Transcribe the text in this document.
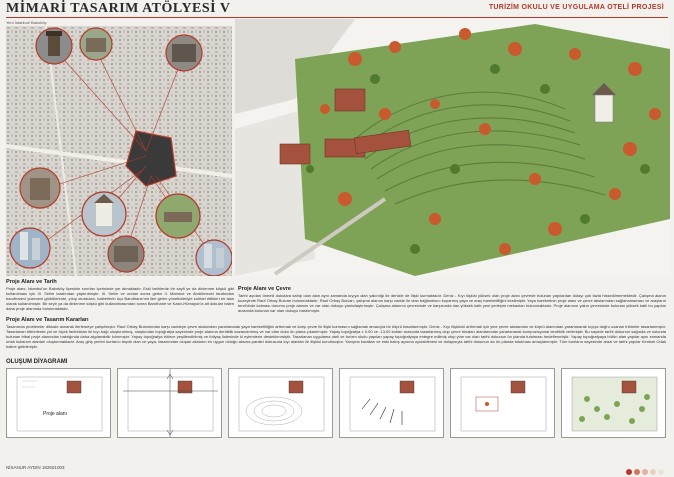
MİMARİ TASARIM ATÖLYESİ V	TURİZİM OKULU VE UYGULAMA OTELİ PROJESİ
Yeni İstanbul/ Bakırköy
Proje Alanı ve Tarih

Proje alanı, İstanbul'un Bakırköy ilçesinin sınırları içerisinde yer almaktadır. Eski tarihlerde bir sayfi ye da dinlenme köşkü gibi kullanılması için III. Selim tarafından yaptırılmıştır. III. Selim ve ondan sonra gelen II. Mahmut ve Abdülmecid tarafından barutharevi yüzeneni gödüllerinde, çıkıp oturduları, katireilerin üço Baruthane'nin ileri gelen yöneticileriyle sohbet ettikleri bir alan olarak kullanılmıştır. Bir seyir ya da dinlenme köşkü gibi kullanılmasından sonra Baruthane ve Kasrı-Hümayun'a ait dokular halen daha proje alanında bulunmaktadır.

Proje Alanı ve Çevre

Tarihi açıdan önemli dokulara sahip olan alan aynı zamanda kıyıya olan yakınlığı ile denizle de ilişki kurmaktadır. Deniz - Kıyı ilişkisi yüksek olan proje alanı çevrede bulunan yapılardan dolayı çok fazla hissedilmemektedir. Çalışma alanın kuzeyinde Rauf Orbay Bulvarı bulunmaktadır. Rauf Orbay Bulvarı, çalışma alanını karşı cadde ile olan bağlantısını koparmış yaya ve araç hareketliliğini kesilmiştir. Yaya hareketinin proje alanı ve çevre akslarından sağlanamaması ve araçların tercihinde kalması durumu proje alanını ve var olan dokuyu yanlızlaştırmıştır. Çalışma alanının çevresinde ve karşısında dan yüksek katlı yeni yerleşim mekanları bulunmaktadır. Proje alanının yakın çevresinde bulunan yüksek katlı bu yapılar arasında bulunan var olan dokuyu bastırmıştır.

Proje Alanı ve Tasarım Kararları

Tasarımda problemler dikkate alınarak iterlemeye çalışılmıştır. Rauf Orbay Bulvarından karşı caddeye çevre akslarıdan yararlanarak yaya hareketliliğini arttırmak ve karşı çevre ile ilişki kurmasını sağlamak amacıyla bir köprü tasarlanmıştır. Deniz - Kıyı ilişkisini arttırmak için yine çevre akslarıdan ve köprü alanından yararlanarak kıyıya doğru uzanan tribünler tasarlanmıştır. Tasarlanan tribünlerde yol ve ölçek farklılıkları ile kıyı bağı oluşturulmuş, oluşturulan topoğrafya sayesinde proje alanına dentiklik kazandırılmış ve var olan doku ön plana çıkarılmıştır. Yapay topoğrafya ± 0.00 ve -13.00 kotları arasında tasarlanmış olup çevre binaları alanlarından yararlanarak kompozisyonal dentiklik verilmiştir. Bu sayede tarihi dokunun sağında ve solunda bulunan tribal proje alanından baktığında daha algılanabilir kılınmıştır. Yapay topoğrafya bölece yeşillendirilmiş ve fotiyaç listesinde ki eylemlerle desteklenmiştir. Tasarlanan uygulama oteli ve turizm okulu yapıları yapay topoğrafyaya entegre edilmiş olup yine var olan tarihi dokunun ön planda tutulması hedeflenmiştir. Yapay topoğrafyaya bütün alan yapılar aynı zamanda ortak kullanım alanları oluşturmaktadır. Araç giriş yerleri kurtarıcı teşvik olan ve yaya, tasarımdan oluşan aksların en uygun olduğu aksına paralel dokusuna kıyı alanları ile ilişkisi kurulmuştur. Yarışma kuralları ve eski bakış açısına uyulabilmesi ve dolayısıyla tarihi dokunun da ön planda tutulması amaçlanmıştır. Tüm bunların sayesinde arazi ve tarihi yapılar Kentsel Odak haline getirilmiştir.

OLUŞUM DİYAGRAMI
Proje alanı
NİSANUR AYDIN 182501003
